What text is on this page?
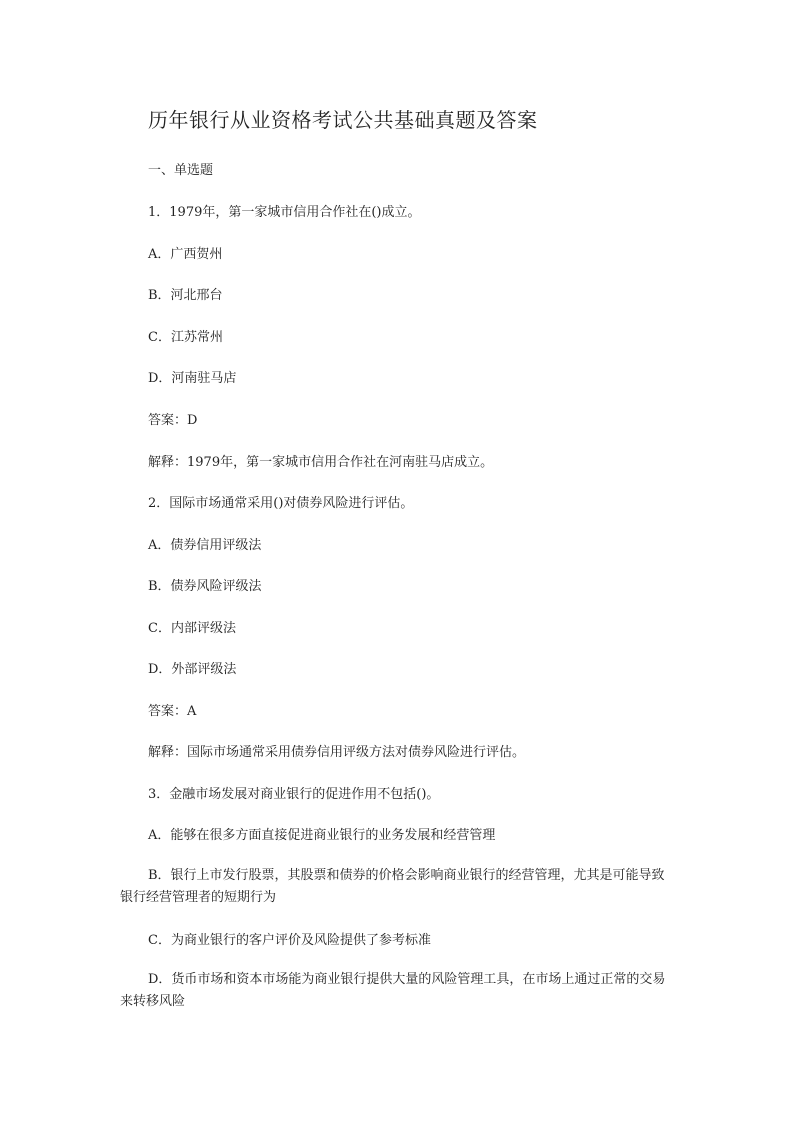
历年银行从业资格考试公共基础真题及答案

一、单选题

1．1979年，第一家城市信用合作社在()成立。

A．广西贺州

B．河北邢台

C．江苏常州

D．河南驻马店

答案：D

解释：1979年，第一家城市信用合作社在河南驻马店成立。

2．国际市场通常采用()对债券风险进行评估。

A．债券信用评级法

B．债券风险评级法

C．内部评级法

D．外部评级法

答案：A

解释：国际市场通常采用债券信用评级方法对债券风险进行评估。

3．金融市场发展对商业银行的促进作用不包括()。

A．能够在很多方面直接促进商业银行的业务发展和经营管理

B．银行上市发行股票，其股票和债券的价格会影响商业银行的经营管理，尤其是可能导致银行经营管理者的短期行为

C．为商业银行的客户评价及风险提供了参考标准

D．货币市场和资本市场能为商业银行提供大量的风险管理工具，在市场上通过正常的交易来转移风险
